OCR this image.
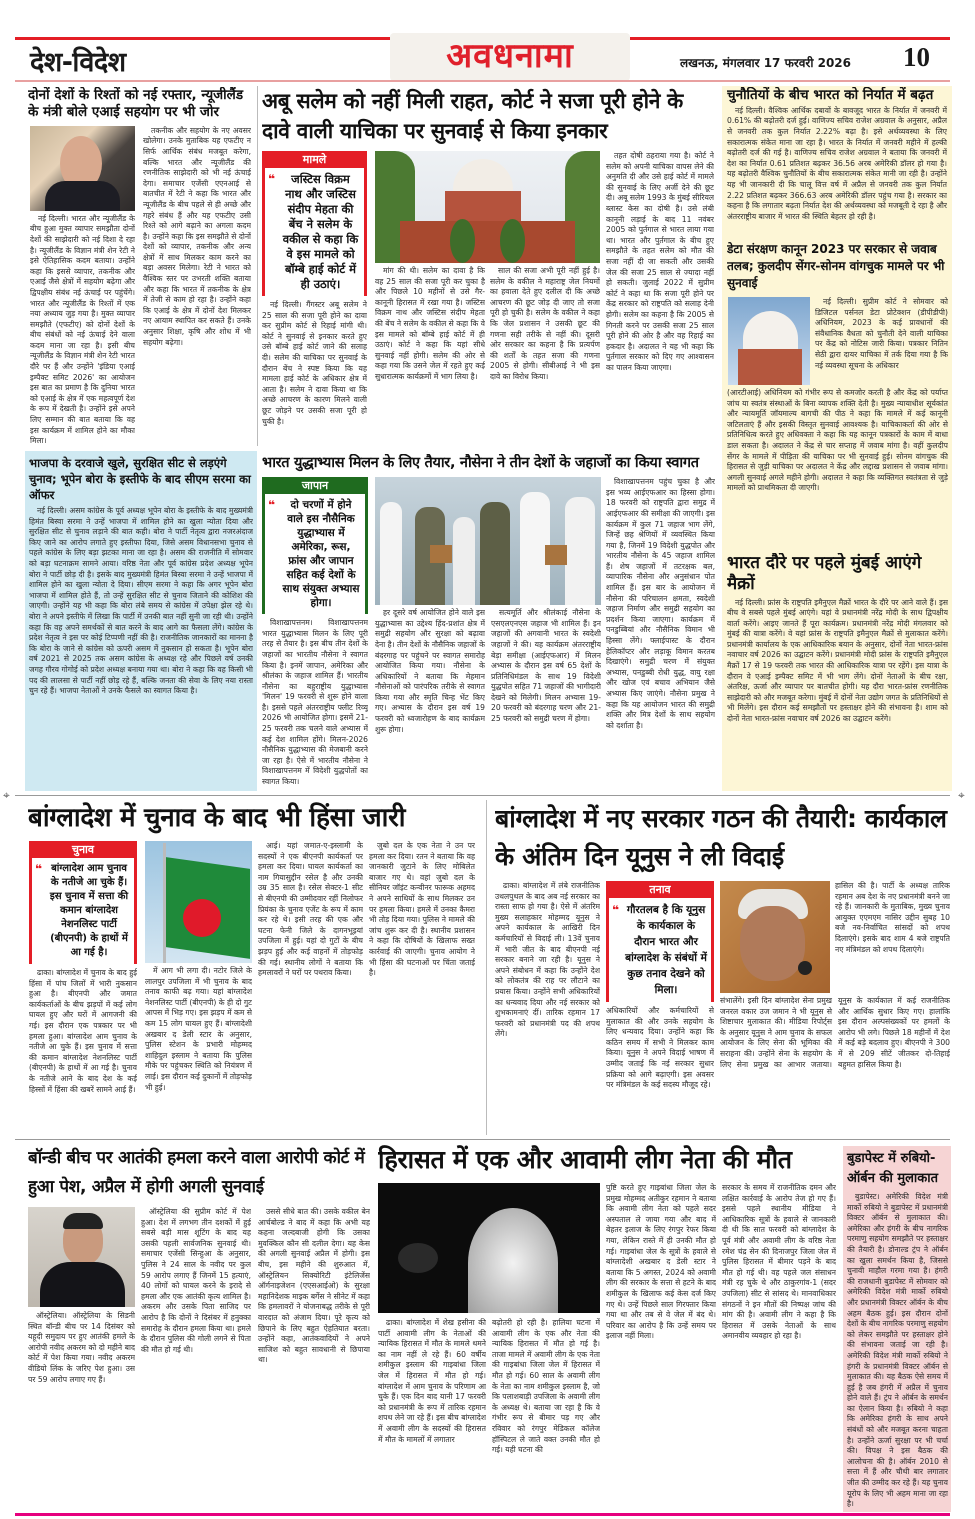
देश-विदेश	अवधनामा	लखनऊ, मंगलवार 17 फरवरी 2026 10
दोनों देशों के रिश्तों को नई रफ्तार, न्यूजीलैंड के मंत्री बोले एआई सहयोग पर भी जोर
नई दिल्ली। भारत और न्यूजीलैंड के बीच हुआ मुक्त व्यापार समझौता दोनों देशों की साझेदारी को नई दिशा दे रहा है। न्यूजीलैंड के विज्ञान मंत्री शेन रेटी ने इसे ऐतिहासिक कदम बताया। उन्होंने कहा कि इससे व्यापार, तकनीक और एआई जैसे क्षेत्रों में सहयोग बढ़ेगा और द्विपक्षीय संबंध नई ऊंचाई पर पहुंचेंगे। भारत और न्यूजीलैंड के रिश्तों में एक नया अध्याय जुड़ गया है। मुक्त व्यापार समझौते (एफटीए) को दोनों देशों के बीच संबंधों को नई ऊंचाई देने वाला कदम माना जा रहा है। इसी बीच न्यूजीलैंड के विज्ञान मंत्री शेन रेटी भारत दौरे पर हैं और उन्होंने 'इंडिया एआई इम्पैक्ट समिट 2026' का आयोजन इस बात का प्रमाण है कि दुनिया भारत को एआई के क्षेत्र में एक महत्वपूर्ण देश के रूप में देखती है। उन्होंने इसे अपने लिए सम्मान की बात बताया कि वह इस कार्यक्रम में शामिल होने का मौका मिला।
तकनीक और सहयोग के नए अवसर खोलेगा। उनके मुताबिक यह एफटीए न सिर्फ आर्थिक संबंध मजबूत करेगा, बल्कि भारत और न्यूजीलैंड की रणनीतिक साझेदारी को भी नई ऊंचाई देगा। समाचार एजेंसी एएनआई से बातचीत में रेटी ने कहा कि भारत और न्यूजीलैंड के बीच पहले से ही अच्छे और गहरे संबंध हैं और यह एफटीए उसी रिश्ते को आगे बढ़ाने का अगला कदम है। उन्होंने कहा कि इस समझौते से दोनों देशों को व्यापार, तकनीक और अन्य क्षेत्रों में साथ मिलकर काम करने का बड़ा अवसर मिलेगा। रेटी ने भारत को वैश्विक स्तर पर उभरती शक्ति बताया और कहा कि भारत में तकनीक के क्षेत्र में तेजी से काम हो रहा है। उन्होंने कहा कि एआई के क्षेत्र में दोनों देश मिलकर नए आयाम स्थापित कर सकते हैं। उनके अनुसार शिक्षा, कृषि और शोध में भी सहयोग बढ़ेगा।
अबू सलेम को नहीं मिली राहत, कोर्ट ने सजा पूरी होने के दावे वाली याचिका पर सुनवाई से किया इनकार
मामले
❝ जस्टिस विक्रम नाथ और जस्टिस संदीप मेहता की बेंच ने सलेम के वकील से कहा कि वे इस मामले को बॉम्बे हाई कोर्ट में ही उठाएं।
नई दिल्ली। गैंगस्टर अबू सलेम ने 25 साल की सजा पूरी होने का दावा कर सुप्रीम कोर्ट से रिहाई मांगी थी। कोर्ट ने सुनवाई से इनकार करते हुए उसे बॉम्बे हाई कोर्ट जाने की सलाह दी। सलेम की याचिका पर सुनवाई के दौरान बेंच ने स्पष्ट किया कि यह मामला हाई कोर्ट के अधिकार क्षेत्र में आता है। सलेम ने दावा किया था कि अच्छे आचरण के कारण मिलने वाली छूट जोड़ने पर उसकी सजा पूरी हो चुकी है।
मांग की थी। सलेम का दावा है कि वह 25 साल की सजा पूरी कर चुका है और पिछले 10 महीनों से उसे गैर-कानूनी हिरासत में रखा गया है। जस्टिस विक्रम नाथ और जस्टिस संदीप मेहता की बेंच ने सलेम के वकील से कहा कि वे इस मामले को बॉम्बे हाई कोर्ट में ही उठाएं। कोर्ट ने कहा कि यहां सीधे सुनवाई नहीं होगी। सलेम की ओर से कहा गया कि उसने जेल में रहते हुए कई सुधारात्मक कार्यक्रमों में भाग लिया है।
साल की सजा अभी पूरी नहीं हुई है। सलेम के वकील ने महाराष्ट्र जेल नियमों का हवाला देते हुए दलील दी कि अच्छे आचरण की छूट जोड़ दी जाए तो सजा पूरी हो चुकी है। सलेम के वकील ने कहा कि जेल प्रशासन ने उसकी छूट की गणना सही तरीके से नहीं की। दूसरी ओर सरकार का कहना है कि प्रत्यर्पण की शर्तों के तहत सजा की गणना 2005 से होगी। सीबीआई ने भी इस दावे का विरोध किया।
तहत दोषी ठहराया गया है। कोर्ट ने सलेम को अपनी याचिका वापस लेने की अनुमति दी और उसे हाई कोर्ट में मामले की सुनवाई के लिए अर्जी देने की छूट दी। अबू सलेम 1993 के मुंबई सीरियल ब्लास्ट केस का दोषी है। उसे लंबी कानूनी लड़ाई के बाद 11 नवंबर 2005 को पुर्तगाल से भारत लाया गया था। भारत और पुर्तगाल के बीच हुए समझौते के तहत सलेम को मौत की सजा नहीं दी जा सकती और उसकी जेल की सजा 25 साल से ज्यादा नहीं हो सकती। जुलाई 2022 में सुप्रीम कोर्ट ने कहा था कि सजा पूरी होने पर केंद्र सरकार को राष्ट्रपति को सलाह देनी होगी। सलेम का कहना है कि 2005 से गिनती करने पर उसकी सजा 25 साल पूरी होने की ओर है और वह रिहाई का हकदार है। अदालत ने यह भी कहा कि पुर्तगाल सरकार को दिए गए आश्वासन का पालन किया जाएगा।
चुनौतियों के बीच भारत को निर्यात में बढ़त
नई दिल्ली। वैश्विक आर्थिक दबावों के बावजूद भारत के निर्यात में जनवरी में 0.61% की बढ़ोतरी दर्ज हुई। वाणिज्य सचिव राजेश अग्रवाल के अनुसार, अप्रैल से जनवरी तक कुल निर्यात 2.22% बढ़ा है। इसे अर्थव्यवस्था के लिए सकारात्मक संकेत माना जा रहा है। भारत के निर्यात में जनवरी महीने में हल्की बढ़ोतरी दर्ज की गई है। वाणिज्य सचिव राजेश अग्रवाल ने बताया कि जनवरी में देश का निर्यात 0.61 प्रतिशत बढ़कर 36.56 अरब अमेरिकी डॉलर हो गया है। यह बढ़ोतरी वैश्विक चुनौतियों के बीच सकारात्मक संकेत मानी जा रही है। उन्होंने यह भी जानकारी दी कि चालू वित्त वर्ष में अप्रैल से जनवरी तक कुल निर्यात 2.22 प्रतिशत बढ़कर 366.63 अरब अमेरिकी डॉलर पहुंच गया है। सरकार का कहना है कि लगातार बढ़ता निर्यात देश की अर्थव्यवस्था को मजबूती दे रहा है और अंतरराष्ट्रीय बाजार में भारत की स्थिति बेहतर हो रही है।
डेटा संरक्षण कानून 2023 पर सरकार से जवाब तलब; कुलदीप सेंगर-सोनम वांगचुक मामले पर भी सुनवाई
नई दिल्ली। सुप्रीम कोर्ट ने सोमवार को डिजिटल पर्सनल डेटा प्रोटेक्शन (डीपीडीपी) अधिनियम, 2023 के कई प्रावधानों की संवैधानिक वैधता को चुनौती देने वाली याचिका पर केंद्र को नोटिस जारी किया। पत्रकार नितिन सेठी द्वारा दायर याचिका में तर्क दिया गया है कि नई व्यवस्था सूचना के अधिकार
(आरटीआई) अधिनियम को गंभीर रूप से कमजोर करती है और केंद्र को पर्याप्त जांच या स्वतंत्र संस्थाओं के बिना व्यापक शक्ति देती है। मुख्य न्यायाधीश सूर्यकांत और न्यायमूर्ति जॉयमाल्य बागची की पीठ ने कहा कि मामले में कई कानूनी जटिलताएं हैं और इसकी विस्तृत सुनवाई आवश्यक है। याचिकाकर्ता की ओर से प्रतिनिधित्व करते हुए अधिवक्ता ने कहा कि यह कानून पत्रकारों के काम में बाधा डाल सकता है। अदालत ने केंद्र से चार सप्ताह में जवाब मांगा है। वहीं कुलदीप सेंगर के मामले में पीड़िता की याचिका पर भी सुनवाई हुई। सोनम वांगचुक की हिरासत से जुड़ी याचिका पर अदालत ने केंद्र और लद्दाख प्रशासन से जवाब मांगा। अगली सुनवाई अगले महीने होगी। अदालत ने कहा कि व्यक्तिगत स्वतंत्रता से जुड़े मामलों को प्राथमिकता दी जाएगी।
भारत दौरे पर पहले मुंबई आएंगे मैक्रों
नई दिल्ली। फ्रांस के राष्ट्रपति इमैनुएल मैक्रों भारत के दौरे पर आने वाले हैं। इस बीच वे सबसे पहले मुंबई आएंगे। यहां वे प्रधानमंत्री नरेंद्र मोदी के साथ द्विपक्षीय वार्ता करेंगे। आइए जानते हैं पूरा कार्यक्रम। प्रधानमंत्री नरेंद्र मोदी मंगलवार को मुंबई की यात्रा करेंगे। वे यहां फ्रांस के राष्ट्रपति इमैनुएल मैक्रों से मुलाकात करेंगे। प्रधानमंत्री कार्यालय के एक आधिकारिक बयान के अनुसार, दोनों नेता भारत-फ्रांस नवाचार वर्ष 2026 का उद्घाटन करेंगे। प्रधानमंत्री मोदी फ्रांस के राष्ट्रपति इमैनुएल मैक्रों 17 से 19 फरवरी तक भारत की आधिकारिक यात्रा पर रहेंगे। इस यात्रा के दौरान वे एआई इम्पैक्ट समिट में भी भाग लेंगे। दोनों नेताओं के बीच रक्षा, अंतरिक्ष, ऊर्जा और व्यापार पर बातचीत होगी। यह दौरा भारत-फ्रांस रणनीतिक साझेदारी को और मजबूत करेगा। मुंबई में दोनों नेता उद्योग जगत के प्रतिनिधियों से भी मिलेंगे। इस दौरान कई समझौतों पर हस्ताक्षर होने की संभावना है। शाम को दोनों नेता भारत-फ्रांस नवाचार वर्ष 2026 का उद्घाटन करेंगे।
भाजपा के दरवाजे खुले, सुरक्षित सीट से लड़एंगे चुनाव; भूपेन बोरा के इस्तीफे के बाद सीएम सरमा का ऑफर
नई दिल्ली। असम कांग्रेस के पूर्व अध्यक्ष भूपेन बोरा के इस्तीफे के बाद मुख्यमंत्री हिमंत बिस्वा सरमा ने उन्हें भाजपा में शामिल होने का खुला न्योता दिया और सुरक्षित सीट से चुनाव लड़ाने की बात कही। बोरा ने पार्टी नेतृत्व द्वारा नजरअंदाज किए जाने का आरोप लगाते हुए इस्तीफा दिया, जिसे असम विधानसभा चुनाव से पहले कांग्रेस के लिए बड़ा झटका माना जा रहा है। असम की राजनीति में सोमवार को बड़ा घटनाक्रम सामने आया। वरिष्ठ नेता और पूर्व कांग्रेस प्रदेश अध्यक्ष भूपेन बोरा ने पार्टी छोड़ दी है। इसके बाद मुख्यमंत्री हिमंत बिस्वा सरमा ने उन्हें भाजपा में शामिल होने का खुला न्योता दे दिया। सीएम सरमा ने कहा कि अगर भूपेन बोरा भाजपा में शामिल होते हैं, तो उन्हें सुरक्षित सीट से चुनाव जिताने की कोशिश की जाएगी। उन्होंने यह भी कहा कि बोरा लंबे समय से कांग्रेस में उपेक्षा झेल रहे थे। बोरा ने अपने इस्तीफे में लिखा कि पार्टी में उनकी बात नहीं सुनी जा रही थी। उन्होंने कहा कि वह अपने समर्थकों से बात करने के बाद आगे का फैसला लेंगे। कांग्रेस के प्रदेश नेतृत्व ने इस पर कोई टिप्पणी नहीं की है। राजनीतिक जानकारों का मानना है कि बोरा के जाने से कांग्रेस को ऊपरी असम में नुकसान हो सकता है। भूपेन बोरा वर्ष 2021 से 2025 तक असम कांग्रेस के अध्यक्ष रहे और पिछले वर्ष उनकी जगह गौरव गोगोई को प्रदेश अध्यक्ष बनाया गया था। बोरा ने कहा कि वह किसी भी पद की लालसा से पार्टी नहीं छोड़ रहे हैं, बल्कि जनता की सेवा के लिए नया रास्ता चुन रहे हैं। भाजपा नेताओं ने उनके फैसले का स्वागत किया है।
भारत युद्धाभ्यास मिलन के लिए तैयार, नौसेना ने तीन देशों के जहाजों का किया स्वागत
जापान
❝ दो चरणों में होने वाले इस नौसैनिक युद्धाभ्यास में अमेरिका, रूस, फ्रांस और जापान सहित कई देशों के साथ संयुक्त अभ्यास होगा।
विशाखापत्तनम। विशाखापत्तनम भारत युद्धाभ्यास मिलन के लिए पूरी तरह से तैयार है। इस बीच तीन देशों के जहाजों का भारतीय नौसेना ने स्वागत किया है। इनमें जापान, अमेरिका और श्रीलंका के जहाज शामिल हैं। भारतीय नौसेना का बहुराष्ट्रीय युद्धाभ्यास 'मिलन' 19 फरवरी से शुरू होने वाला है। इससे पहले अंतरराष्ट्रीय फ्लीट रिव्यू 2026 भी आयोजित होगा। इसमें 21-25 फरवरी तक चलने वाले अभ्यास में कई देश शामिल होंगे। मिलन-2026 नौसैनिक युद्धाभ्यास की मेजबानी करने जा रहा है। ऐसे में भारतीय नौसेना ने विशाखापत्तनम में विदेशी युद्धपोतों का स्वागत किया।
हर दूसरे वर्ष आयोजित होने वाले इस युद्धाभ्यास का उद्देश्य हिंद-प्रशांत क्षेत्र में समुद्री सहयोग और सुरक्षा को बढ़ावा देना है। तीन देशों के नौसैनिक जहाजों के बंदरगाह पर पहुंचने पर स्वागत समारोह आयोजित किया गया। नौसेना के अधिकारियों ने बताया कि मेहमान नौसेनाओं को पारंपरिक तरीके से स्वागत किया गया और स्मृति चिन्ह भेंट किए गए। अभ्यास के दौरान इस वर्ष 19 फरवरी को ध्वजारोहण के बाद कार्यक्रम शुरू होगा।
सत्यमूर्ति और श्रीलंकाई नौसेना के एसएलएनएस जहाज भी शामिल हैं। इन जहाजों की अगवानी भारत के स्वदेशी जहाजों ने की। यह कार्यक्रम अंतरराष्ट्रीय बेड़ा समीक्षा (आईएफआर) में मिलन अभ्यास के दौरान इस वर्ष 65 देशों के प्रतिनिधिमंडल के साथ 19 विदेशी युद्धपोत सहित 71 जहाजों की भागीदारी देखने को मिलेगी। मिलन अभ्यास 19-20 फरवरी को बंदरगाह चरण और 21-25 फरवरी को समुद्री चरण में होगा।
विशाखापत्तनम पहुंच चुका है और इस भव्य आईएफआर का हिस्सा होगा। 18 फरवरी को राष्ट्रपति द्वारा समुद्र में आईएफआर की समीक्षा की जाएगी। इस कार्यक्रम में कुल 71 जहाज भाग लेंगे, जिन्हें छह श्रेणियों में व्यवस्थित किया गया है, जिनमें 19 विदेशी युद्धपोत और भारतीय नौसेना के 45 जहाज शामिल हैं। शेष जहाजों में तटरक्षक बल, व्यापारिक नौसेना और अनुसंधान पोत शामिल हैं। इस बार के आयोजन में नौसेना की परिचालन क्षमता, स्वदेशी जहाज निर्माण और समुद्री सहयोग का प्रदर्शन किया जाएगा। कार्यक्रम में पनडुब्बियां और नौसैनिक विमान भी हिस्सा लेंगे। फ्लाईपास्ट के दौरान हेलिकॉप्टर और लड़ाकू विमान करतब दिखाएंगे। समुद्री चरण में संयुक्त अभ्यास, पनडुब्बी रोधी युद्ध, वायु रक्षा और खोज एवं बचाव अभियान जैसे अभ्यास किए जाएंगे। नौसेना प्रमुख ने कहा कि यह आयोजन भारत की समुद्री शक्ति और मित्र देशों के साथ सहयोग को दर्शाता है।
⌖	⌖
बांग्लादेश में चुनाव के बाद भी हिंसा जारी
चुनाव
❝ बांग्लादेश आम चुनाव के नतीजे आ चुके हैं। इस चुनाव में सत्ता की कमान बांग्लादेश नेशनलिस्ट पार्टी (बीएनपी) के हाथों में आ गई है।
ढाका। बांग्लादेश में चुनाव के बाद हुई हिंसा में पांच जिलों में भारी नुकसान हुआ है। बीएनपी और जमात कार्यकर्ताओं के बीच झड़पों में कई लोग घायल हुए और घरों में आगजनी की गई। इस दौरान एक पत्रकार पर भी हमला हुआ। बांग्लादेश आम चुनाव के नतीजे आ चुके हैं। इस चुनाव में सत्ता की कमान बांग्लादेश नेशनलिस्ट पार्टी (बीएनपी) के हाथों में आ गई है। चुनाव के नतीजे आने के बाद देश के कई हिस्सों में हिंसा की खबरें सामने आई हैं।
में आग भी लगा दी। नटोर जिले के लालपुर उपजिला में भी चुनाव के बाद तनाव काफी बढ़ गया। यहां बांग्लादेश नेशनलिस्ट पार्टी (बीएनपी) के ही दो गुट आपस में भिड़ गए। इस झड़प में कम से कम 15 लोग घायल हुए हैं। बांग्लादेशी अखबार द डेली स्टार के अनुसार, पुलिस स्टेशन के प्रभारी मोहम्मद शाहिदुल इस्लाम ने बताया कि पुलिस मौके पर पहुंचकर स्थिति को नियंत्रण में लाई। इस दौरान कई दुकानों में तोड़फोड़ भी हुई।
आई। यहां जमात-ए-इस्लामी के सदस्यों ने एक बीएनपी कार्यकर्ता पर हमला कर दिया। घायल कार्यकर्ता का नाम गियासुद्दीन रसेल है और उनकी उम्र 35 साल है। रसेल सेक्टर-1 सीट से बीएनपी की उम्मीदवार रहीं निलोफर प्रियंका के चुनाव एजेंट के रूप में काम कर रहे थे। इसी तरह की एक और घटना फेनी जिले के दागनभूइयां उपजिला में हुई। यहां दो गुटों के बीच झड़प हुई और कई वाहनों में तोड़फोड़ की गई। स्थानीय लोगों ने बताया कि हमलावरों ने घरों पर पथराव किया।
जुबो दल के एक नेता ने उन पर हमला कर दिया। रतन ने बताया कि वह जानकारी जुटाने के लिए मोबिलेत बाजार गए थे। वहां जुबो दल के सीनियर जॉइंट कन्वीनर फारूक अहमद ने अपने साथियों के साथ मिलकर उन पर हमला किया। हमले में उनका कैमरा भी तोड़ दिया गया। पुलिस ने मामले की जांच शुरू कर दी है। स्थानीय प्रशासन ने कहा कि दोषियों के खिलाफ सख्त कार्रवाई की जाएगी। चुनाव आयोग ने भी हिंसा की घटनाओं पर चिंता जताई है।
बांग्लादेश में नए सरकार गठन की तैयारी: कार्यकाल के अंतिम दिन यूनुस ने ली विदाई
ढाका। बांग्लादेश में लंबे राजनीतिक उथलपुथल के बाद अब नई सरकार का रास्ता साफ हो गया है। ऐसे में अंतरिम मुख्य सलाहकार मोहम्मद यूनुस ने अपने कार्यकाल के आखिरी दिन कर्मचारियों से विदाई ली। 13वें चुनाव में भारी जीत के बाद बीएनपी नई सरकार बनाने जा रही है। यूनुस ने अपने संबोधन में कहा कि उन्होंने देश को लोकतंत्र की राह पर लौटाने का प्रयास किया। उन्होंने सभी अधिकारियों का धन्यवाद दिया और नई सरकार को शुभकामनाएं दीं। तारिक रहमान 17 फरवरी को प्रधानमंत्री पद की शपथ लेंगे।
तनाव
❝ गौरतलब है कि यूनुस के कार्यकाल के दौरान भारत और बांग्लादेश के संबंधों में कुछ तनाव देखने को मिला।
अधिकारियों और कर्मचारियों से मुलाकात की और उनके सहयोग के लिए धन्यवाद दिया। उन्होंने कहा कि कठिन समय में सभी ने मिलकर काम किया। यूनुस ने अपने विदाई भाषण में उम्मीद जताई कि नई सरकार सुधार प्रक्रिया को आगे बढ़ाएगी। इस अवसर पर मंत्रिमंडल के कई सदस्य मौजूद रहे।
हासिल की है। पार्टी के अध्यक्ष तारिक रहमान अब देश के नए प्रधानमंत्री बनने जा रहे हैं। जानकारी के मुताबिक, मुख्य चुनाव आयुक्त एएमएम नासिर उद्दीन सुबह 10 बजे नव-निर्वाचित सांसदों को शपथ दिलाएंगे। इसके बाद शाम 4 बजे राष्ट्रपति नए मंत्रिमंडल को शपथ दिलाएंगे।
संभालेंगे। इसी दिन बांग्लादेश सेना प्रमुख जनरल वकार उज जमान ने भी यूनुस से शिष्टाचार मुलाकात की। मीडिया रिपोर्ट्स के अनुसार यूनुस ने आम चुनाव के सफल आयोजन के लिए सेना की भूमिका की सराहना की। उन्होंने सेना के सहयोग के लिए सेना प्रमुख का आभार जताया। यूनुस के कार्यकाल में कई राजनीतिक और आर्थिक सुधार किए गए। हालांकि इस दौरान अल्पसंख्यकों पर हमलों के आरोप भी लगे। पिछले 18 महीनों में देश में कई बड़े बदलाव हुए। बीएनपी ने 300 में से 209 सीटें जीतकर दो-तिहाई बहुमत हासिल किया है।
बॉन्डी बीच पर आतंकी हमला करने वाला आरोपी कोर्ट में हुआ पेश, अप्रैल में होगी अगली सुनवाई
ऑस्ट्रेलिया। ऑस्ट्रेलिया के सिडनी स्थित बॉन्डी बीच पर 14 दिसंबर को यहूदी समुदाय पर हुए आतंकी हमले के आरोपी नवीद अकरम को दो महीने बाद कोर्ट में पेश किया गया। नवीद अकरम वीडियो लिंक के जरिए पेश हुआ। उस पर 59 आरोप लगाए गए हैं।
ऑस्ट्रेलिया की सुप्रीम कोर्ट में पेश हुआ। देश में लगभग तीन दशकों में हुई सबसे बड़ी मास शूटिंग के बाद यह उसकी पहली सार्वजनिक सुनवाई थी। समाचार एजेंसी सिन्हुआ के अनुसार, पुलिस ने 24 साल के नवीद पर कुल 59 आरोप लगाए हैं जिनमें 15 हत्याएं, 40 लोगों को घायल करने के इरादे से हमला और एक आतंकी कृत्य शामिल है। अकरम और उसके पिता साजिद पर आरोप है कि दोनों ने दिसंबर में हनुक्का समारोह के दौरान हमला किया था। हमले के दौरान पुलिस की गोली लगने से पिता की मौत हो गई थी।
उससे सीधे बात की। उसके वकील बेन आर्चबोल्ड ने बाद में कहा कि अभी यह कहना जल्दबाजी होगी कि उसका मुवक्किल कौन सी दलील देगा। यह केस की अगली सुनवाई अप्रैल में होगी। इस बीच, इस महीने की शुरुआत में, ऑस्ट्रेलियन सिक्योरिटी इंटेलिजेंस ऑर्गनाइजेशन (एएसआईओ) के सुरक्षा महानिदेशक माइक बर्गेस ने सीनेट में कहा कि हमलावरों ने योजनाबद्ध तरीके से पूरी वारदात को अंजाम दिया। पूरे कृत्य को छिपाने के लिए बहुत ऐहतियात बरता। उन्होंने कहा, आतंकवादियों ने अपने साजिश को बहुत सावधानी से छिपाया था।
हिरासत में एक और आवामी लीग नेता की मौत
ढाका। बांग्लादेश में शेख हसीना की पार्टी आवामी लीग के नेताओं की न्यायिक हिरासत में मौत के मामले थमने का नाम नहीं ले रहे हैं। 60 वर्षीय शमीकुल इस्लाम की गाइबांधा जिला जेल में हिरासत में मौत हो गई। बांग्लादेश में आम चुनाव के परिणाम आ चुके हैं। एक दिन बाद यानी 17 फरवरी को प्रधानमंत्री के रूप में तारिक रहमान शपथ लेने जा रहे हैं। इस बीच बांग्लादेश में अवामी लीग के सदस्यों की हिरासत में मौत के मामलों में लगातार
बढ़ोतरी हो रही है। हालिया घटना में आवामी लीग के एक और नेता की न्यायिक हिरासत में मौत हो गई है। ताजा मामले में अवामी लीग के एक नेता की गाइबांधा जिला जेल में हिरासत में मौत हो गई। 60 साल के अवामी लीग के नेता का नाम शमीकुल इस्लाम है, जो कि पलाशबाड़ी उपजिला के अवामी लीग के अध्यक्ष थे। बताया जा रहा है कि वे गंभीर रूप से बीमार पड़ गए और रविवार को रंगपुर मेडिकल कॉलेज हॉस्पिटल ले जाते वक्त उनकी मौत हो गई। यही घटना की
पुष्टि करते हुए गाइबांधा जिला जेल के प्रमुख मोहम्मद अतीकुर रहमान ने बताया कि अवामी लीग नेता को पहले सदर अस्पताल ले जाया गया और बाद में बेहतर इलाज के लिए रंगपुर रेफर किया गया, लेकिन रास्ते में ही उनकी मौत हो गई। गाइबांधा जेल के सूत्रों के हवाले से बांग्लादेशी अखबार द डेली स्टार ने बताया कि 5 अगस्त, 2024 को अवामी लीग की सरकार के सत्ता से हटने के बाद शमीकुल के खिलाफ कई केस दर्ज किए गए थे। उन्हें पिछले साल गिरफ्तार किया गया था और तब से वे जेल में बंद थे। परिवार का आरोप है कि उन्हें समय पर इलाज नहीं मिला।
सरकार के समय में राजनीतिक दमन और लक्षित कार्रवाई के आरोप तेज हो गए हैं। इससे पहले स्थानीय मीडिया ने आधिकारिक सूत्रों के हवाले से जानकारी दी थी कि सात फरवरी को बांग्लादेश के पूर्व मंत्री और अवामी लीग के वरिष्ठ नेता रमेश चंद्र सेन की दिनाजपुर जिला जेल में पुलिस हिरासत में बीमार पड़ने के बाद मौत हो गई थी। वह पहले जल संसाधन मंत्री रह चुके थे और ठाकुरगांव-1 (सदर उपजिला) सीट से सांसद थे। मानवाधिकार संगठनों ने इन मौतों की निष्पक्ष जांच की मांग की है। अवामी लीग ने कहा है कि हिरासत में उसके नेताओं के साथ अमानवीय व्यवहार हो रहा है।
बुडापेस्ट में रुबियो-ऑर्बन की मुलाकात
बुडापेस्ट। अमेरिकी विदेश मंत्री मार्को रुबियो ने बुडापेस्ट में प्रधानमंत्री विक्टर ऑर्बन से मुलाकात की। अमेरिका और हंगरी के बीच नागरिक परमाणु सहयोग समझौते पर हस्ताक्षर की तैयारी है। डोनाल्ड ट्रंप ने ऑर्बन का खुला समर्थन किया है, जिससे चुनावी माहौल गरमा गया है। हंगरी की राजधानी बुडापेस्ट में सोमवार को अमेरिकी विदेश मंत्री मार्को रुबियो और प्रधानमंत्री विक्टर ऑर्बन के बीच अहम बैठक हुई। इस दौरान दोनों देशों के बीच नागरिक परमाणु सहयोग को लेकर समझौते पर हस्ताक्षर होने की संभावना जताई जा रही है। अमेरिकी विदेश मंत्री मार्को रुबियो ने हंगरी के प्रधानमंत्री विक्टर ऑर्बन से मुलाकात की। यह बैठक ऐसे समय में हुई है जब हंगरी में अप्रैल में चुनाव होने वाले हैं। ट्रंप ने ऑर्बन के समर्थन का ऐलान किया है। रुबियो ने कहा कि अमेरिका हंगरी के साथ अपने संबंधों को और मजबूत करना चाहता है। उन्होंने ऊर्जा सुरक्षा पर भी चर्चा की। विपक्ष ने इस बैठक की आलोचना की है। ऑर्बन 2010 से सत्ता में हैं और चौथी बार लगातार जीत की उम्मीद कर रहे हैं। यह चुनाव यूरोप के लिए भी अहम माना जा रहा है।
